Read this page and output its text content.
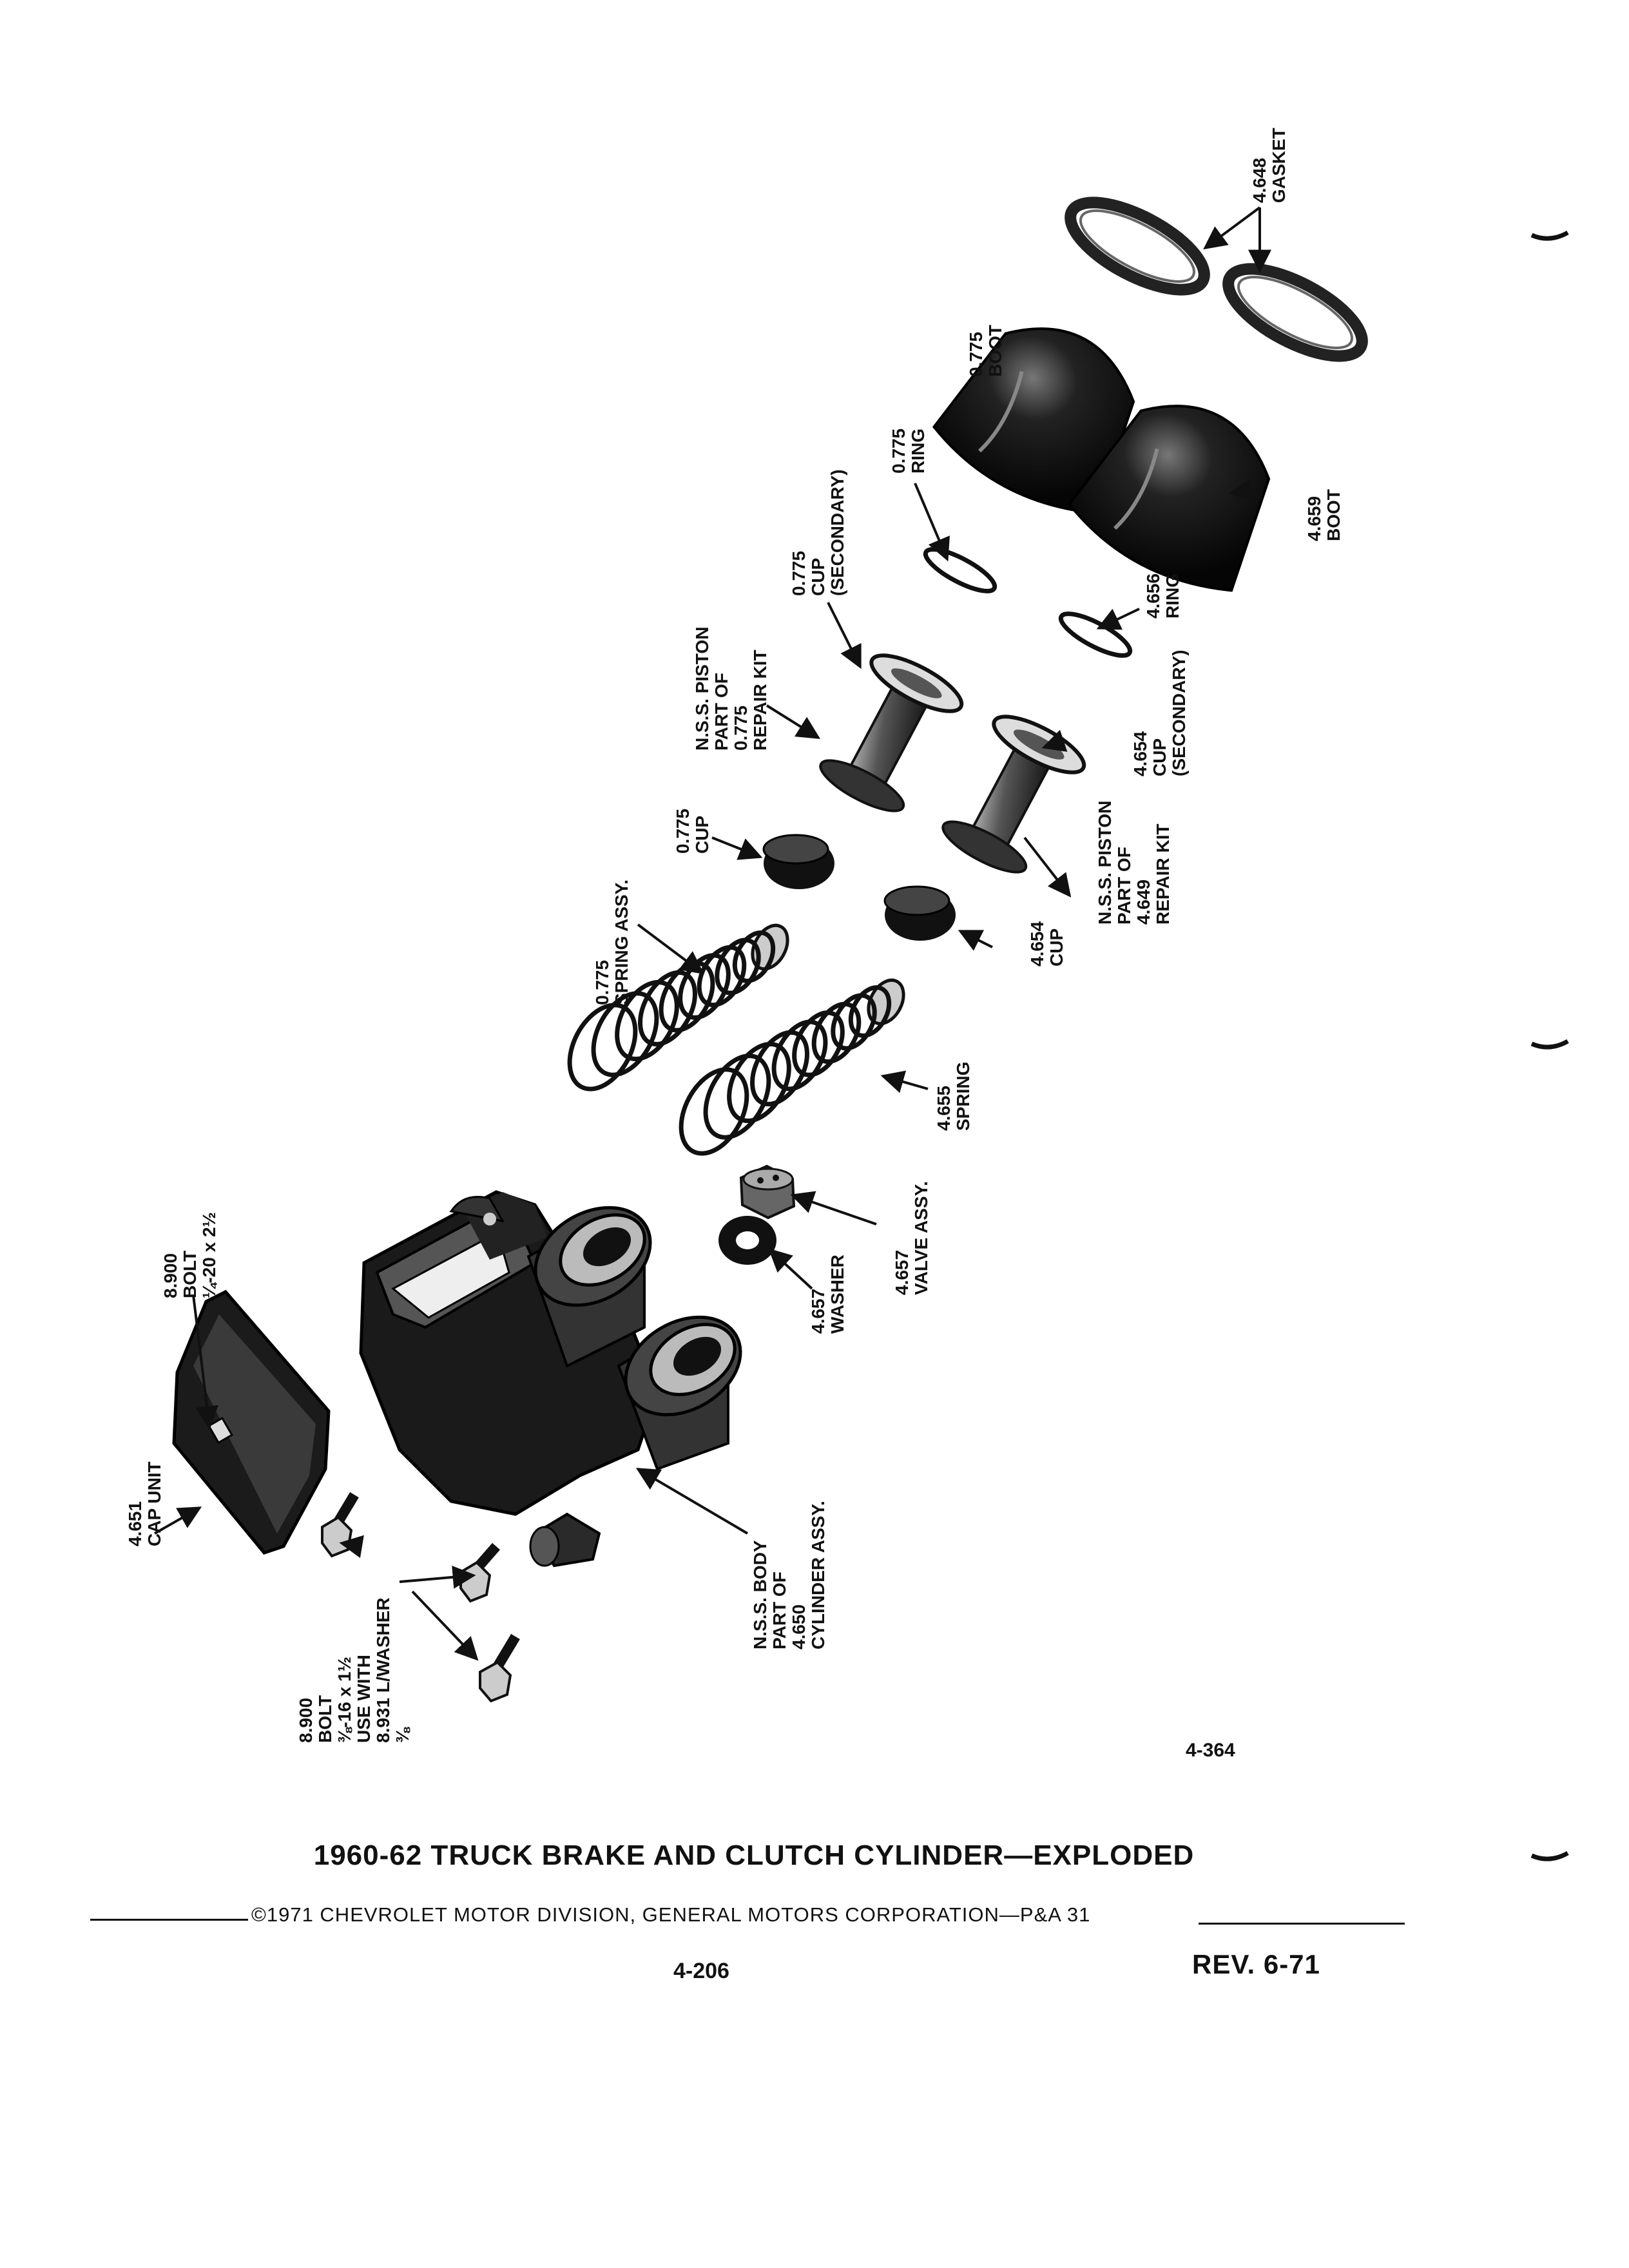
4.648 GASKET
0.775 BOOT
0.775 RING
0.775 CUP (SECONDARY)	4.659 BOOT
4.656 RING
N.S.S. PISTON PART OF 0.775 REPAIR KIT
4.654 CUP (SECONDARY)
0.775 CUP	N.S.S. PISTON PART OF 4.649 REPAIR KIT
0.775 SPRING ASSY.	4.654 CUP
4.655 SPRING
4.657 VALVE ASSY.
4.657 WASHER
8.900 BOLT ¼-20 x 2½
4.651 CAP UNIT
N.S.S. BODY PART OF 4.650 CYLINDER ASSY.
8.900 BOLT ⅜-16 x 1½ USE WITH 8.931 L/WASHER ⅜
4-364
1960-62 TRUCK BRAKE AND CLUTCH CYLINDER—EXPLODED
©1971 CHEVROLET MOTOR DIVISION, GENERAL MOTORS CORPORATION—P&A 31
4-206	REV. 6-71
